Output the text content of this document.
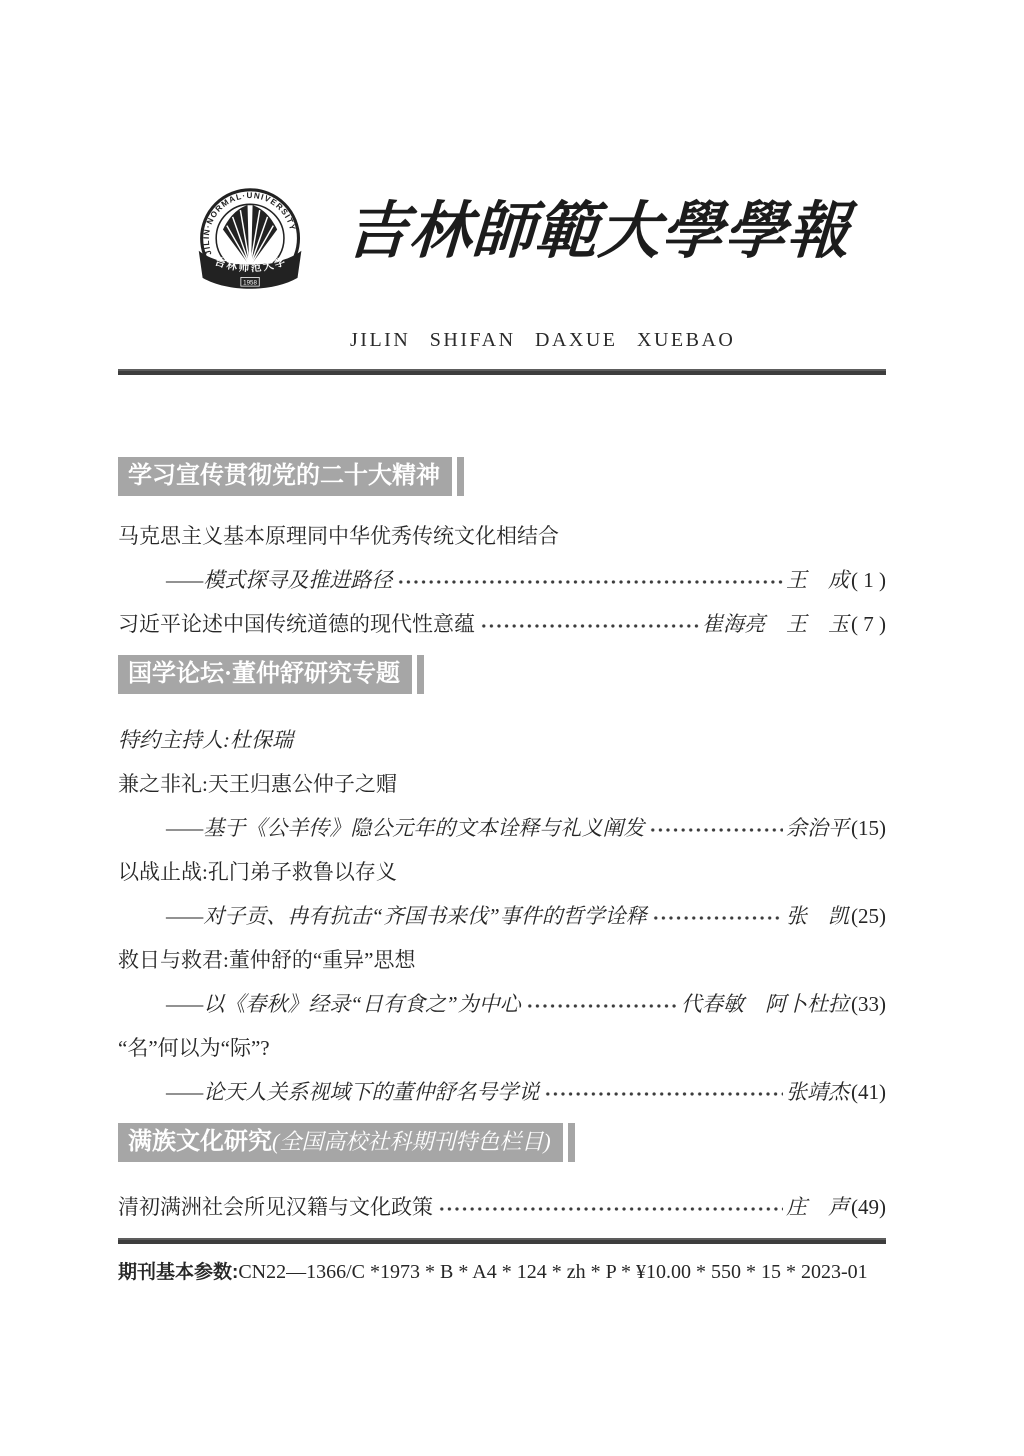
JILIN·NORMAL·UNIVERSITY
吉林师范大学
1958
吉林師範大學學報
JILIN SHIFAN DAXUE XUEBAO
学习宣传贯彻党的二十大精神
马克思主义基本原理同中华优秀传统文化相结合
——模式探寻及推进路径	王　成 ( 1 )
习近平论述中国传统道德的现代性意蕴	崔海亮　王　玉 ( 7 )
国学论坛·董仲舒研究专题
特约主持人:杜保瑞
兼之非礼:天王归惠公仲子之赗
——基于《公羊传》隐公元年的文本诠释与礼义阐发	余治平 (15)
以战止战:孔门弟子救鲁以存义
——对子贡、冉有抗击“齐国书来伐”事件的哲学诠释	张　凯 (25)
救日与救君:董仲舒的“重异”思想
——以《春秋》经录“日有食之”为中心	代春敏　阿卜杜拉 (33)
“名”何以为“际”?
——论天人关系视域下的董仲舒名号学说	张靖杰 (41)
满族文化研究(全国高校社科期刊特色栏目)
清初满洲社会所见汉籍与文化政策	庄　声 (49)
期刊基本参数:CN22—1366/C *1973 * B * A4 * 124 * zh * P * ¥10.00 * 550 * 15 * 2023-01
